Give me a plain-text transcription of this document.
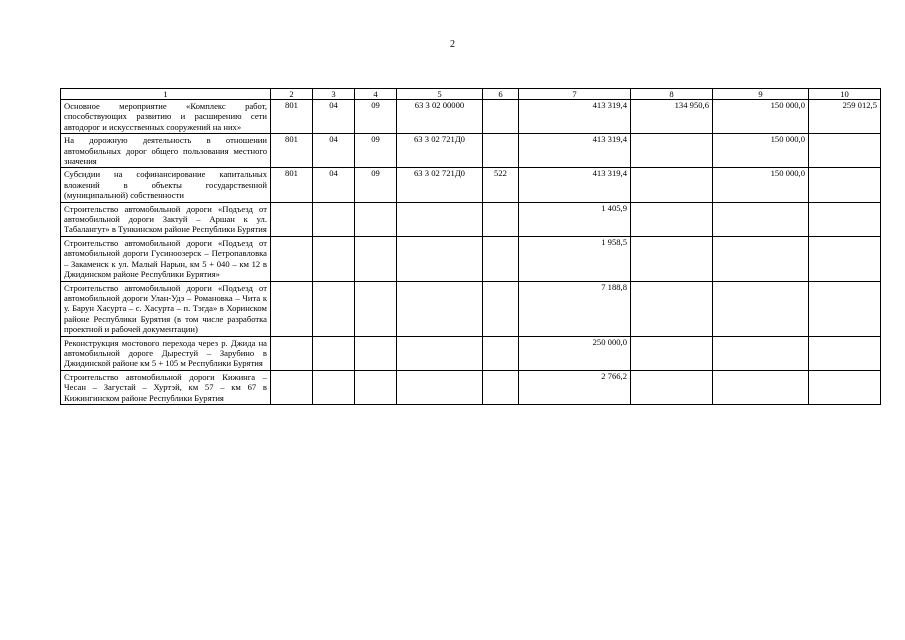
2
1	2	3	4	5	6	7	8	9	10
Основное мероприятие «Комплекс работ, способствующих развитию и расширению сети автодорог и искусственных сооружений на них»	801	04	09	63 3 02 00000		413 319,4	134 950,6	150 000,0	259 012,5
На дорожную деятельность в отношении автомобильных дорог общего пользования местного значения	801	04	09	63 3 02 721Д0		413 319,4		150 000,0	
Субсидии на софинансирование капитальных вложений в объекты государственной (муниципальной) собственности	801	04	09	63 3 02 721Д0	522	413 319,4		150 000,0	
Строительство автомобильной дороги «Подъезд от автомобильной дороги Зактуй – Аршан к ул. Табалангут» в Тункинском районе Республики Бурятия						1 405,9			
Строительство автомобильной дороги «Подъезд от автомобильной дороги Гусиноозерск – Петропавловка – Закаменск к ул. Малый Нарын, км 5 + 040 – км 12 в Джидинском районе Республики Бурятия»						1 958,5			
Строительство автомобильной дороги «Подъезд от автомобильной дороги Улан-Удэ – Романовка – Чита к у. Барун Хасурта – с. Хасурта – п. Тэгда» в Хоринском районе Республики Бурятия (в том числе разработка проектной и рабочей документации)						7 188,8			
Реконструкция мостового перехода через р. Джида на автомобильной дороге Дырестуй – Зарубино в Джидинской районе км 5 + 105 м Республики Бурятия						250 000,0			
Строительство автомобильной дороги Кижинга – Чесан – Загустай – Хуртэй, км 57 – км 67 в Кижингинском районе Республики Бурятия						2 766,2			
